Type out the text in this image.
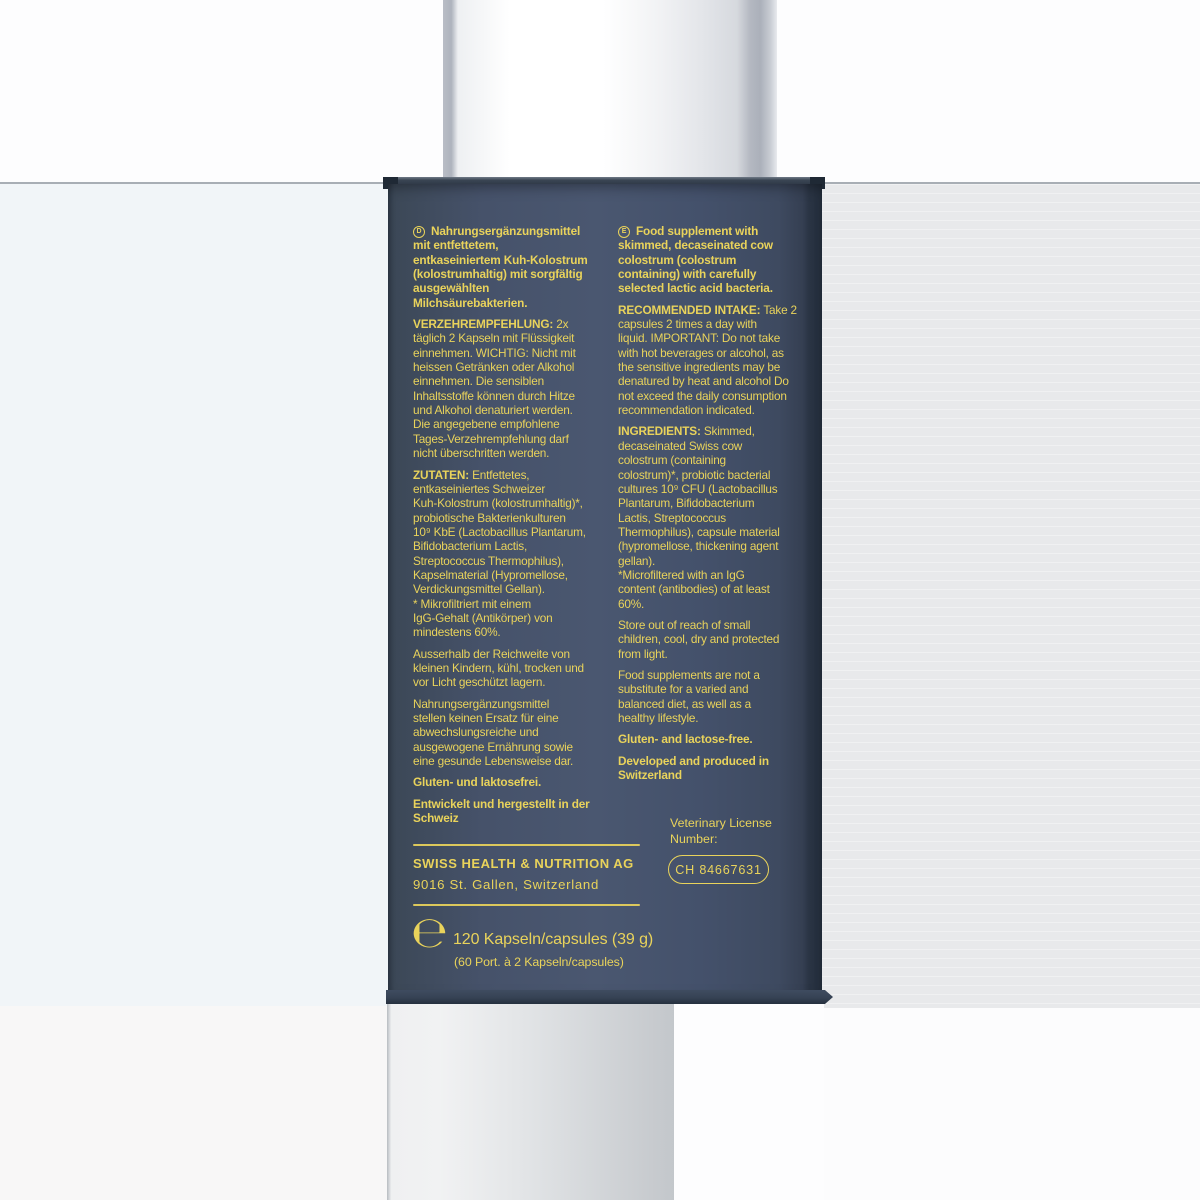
D Nahrungsergänzungsmittel
mit entfettetem,
entkaseiniertem Kuh-Kolostrum
(kolostrumhaltig) mit sorgfältig
ausgewählten
Milchsäurebakterien.

VERZEHREMPFEHLUNG: 2x
täglich 2 Kapseln mit Flüssigkeit
einnehmen. WICHTIG: Nicht mit
heissen Getränken oder Alkohol
einnehmen. Die sensiblen
Inhaltsstoffe können durch Hitze
und Alkohol denaturiert werden.
Die angegebene empfohlene
Tages-Verzehrempfehlung darf
nicht überschritten werden.

ZUTATEN: Entfettetes,
entkaseiniertes Schweizer
Kuh-Kolostrum (kolostrumhaltig)*,
probiotische Bakterienkulturen
10⁹ KbE (Lactobacillus Plantarum,
Bifidobacterium Lactis,
Streptococcus Thermophilus),
Kapselmaterial (Hypromellose,
Verdickungsmittel Gellan).
* Mikrofiltriert mit einem
IgG-Gehalt (Antikörper) von
mindestens 60%.

Ausserhalb der Reichweite von
kleinen Kindern, kühl, trocken und
vor Licht geschützt lagern.

Nahrungsergänzungsmittel
stellen keinen Ersatz für eine
abwechslungsreiche und
ausgewogene Ernährung sowie
eine gesunde Lebensweise dar.

Gluten- und laktosefrei.

Entwickelt und hergestellt in der
Schweiz

E Food supplement with
skimmed, decaseinated cow
colostrum (colostrum
containing) with carefully
selected lactic acid bacteria.

RECOMMENDED INTAKE: Take 2
capsules 2 times a day with
liquid. IMPORTANT: Do not take
with hot beverages or alcohol, as
the sensitive ingredients may be
denatured by heat and alcohol Do
not exceed the daily consumption
recommendation indicated.

INGREDIENTS: Skimmed,
decaseinated Swiss cow
colostrum (containing
colostrum)*, probiotic bacterial
cultures 10⁹ CFU (Lactobacillus
Plantarum, Bifidobacterium
Lactis, Streptococcus
Thermophilus), capsule material
(hypromellose, thickening agent
gellan).
*Microfiltered with an IgG
content (antibodies) of at least
60%.

Store out of reach of small
children, cool, dry and protected
from light.

Food supplements are not a
substitute for a varied and
balanced diet, as well as a
healthy lifestyle.

Gluten- and lactose-free.

Developed and produced in
Switzerland

Veterinary License
Number:
SWISS HEALTH & NUTRITION AG
9016 St. Gallen, Switzerland
CH 84667631
℮ 120 Kapseln/capsules (39 g)
(60 Port. à 2 Kapseln/capsules)
